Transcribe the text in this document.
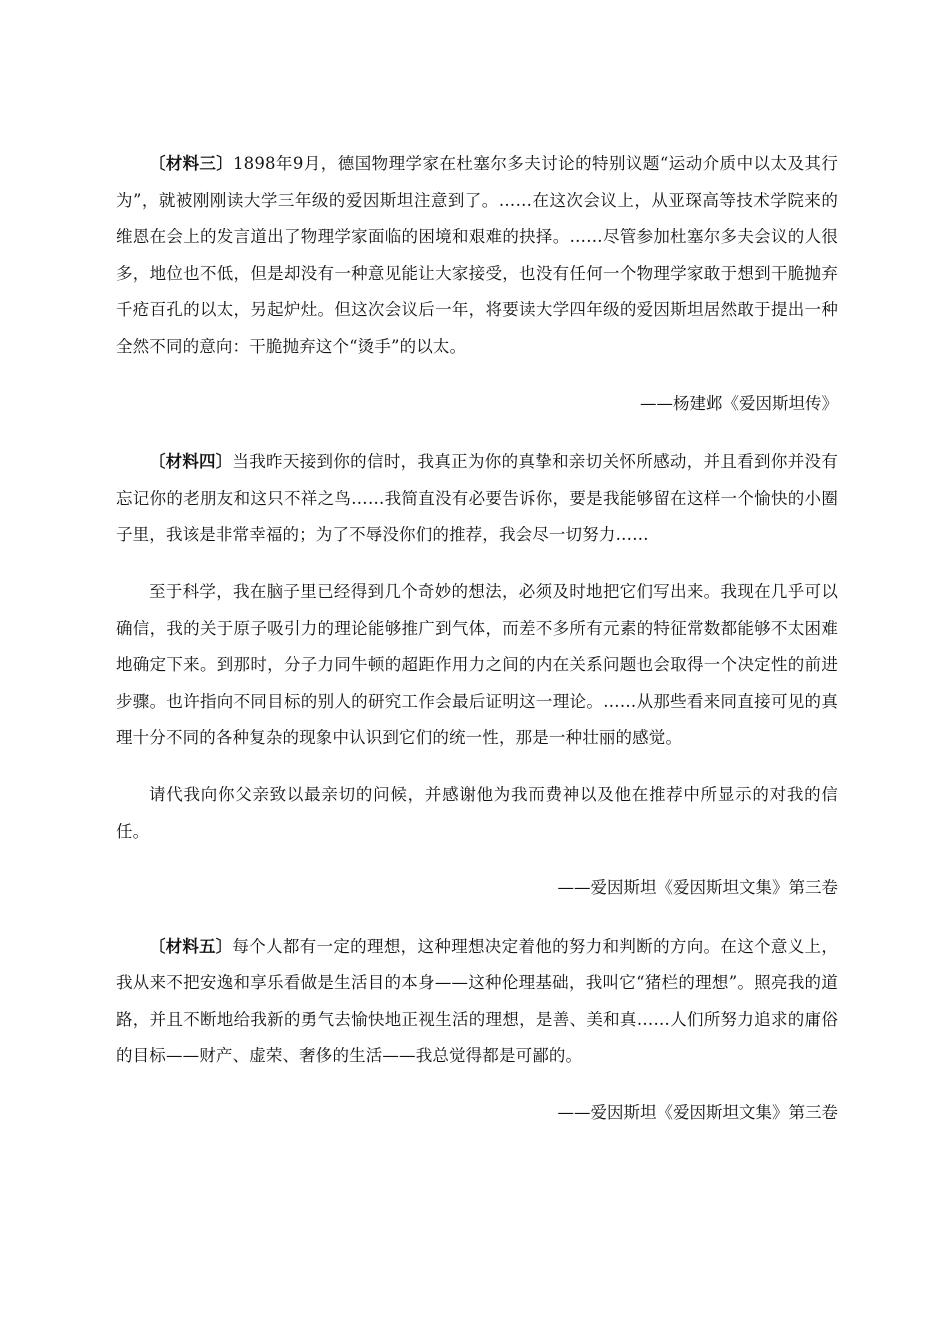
〔材料三〕1898年9月，德国物理学家在杜塞尔多夫讨论的特别议题“运动介质中以太及其行为”，就被刚刚读大学三年级的爱因斯坦注意到了。……在这次会议上，从亚琛高等技术学院来的维恩在会上的发言道出了物理学家面临的困境和艰难的抉择。……尽管参加杜塞尔多夫会议的人很多，地位也不低，但是却没有一种意见能让大家接受，也没有任何一个物理学家敢于想到干脆抛弃千疮百孔的以太，另起炉灶。但这次会议后一年，将要读大学四年级的爱因斯坦居然敢于提出一种全然不同的意向：干脆抛弃这个“烫手”的以太。

——杨建邺《爱因斯坦传》

〔材料四〕当我昨天接到你的信时，我真正为你的真挚和亲切关怀所感动，并且看到你并没有忘记你的老朋友和这只不祥之鸟……我简直没有必要告诉你，要是我能够留在这样一个愉快的小圈子里，我该是非常幸福的；为了不辱没你们的推荐，我会尽一切努力……

至于科学，我在脑子里已经得到几个奇妙的想法，必须及时地把它们写出来。我现在几乎可以确信，我的关于原子吸引力的理论能够推广到气体，而差不多所有元素的特征常数都能够不太困难地确定下来。到那时，分子力同牛顿的超距作用力之间的内在关系问题也会取得一个决定性的前进步骤。也许指向不同目标的别人的研究工作会最后证明这一理论。……从那些看来同直接可见的真理十分不同的各种复杂的现象中认识到它们的统一性，那是一种壮丽的感觉。

请代我向你父亲致以最亲切的问候，并感谢他为我而费神以及他在推荐中所显示的对我的信任。

——爱因斯坦《爱因斯坦文集》第三卷

〔材料五〕每个人都有一定的理想，这种理想决定着他的努力和判断的方向。在这个意义上，我从来不把安逸和享乐看做是生活目的本身——这种伦理基础，我叫它“猪栏的理想”。照亮我的道路，并且不断地给我新的勇气去愉快地正视生活的理想，是善、美和真……人们所努力追求的庸俗的目标——财产、虚荣、奢侈的生活——我总觉得都是可鄙的。

——爱因斯坦《爱因斯坦文集》第三卷
